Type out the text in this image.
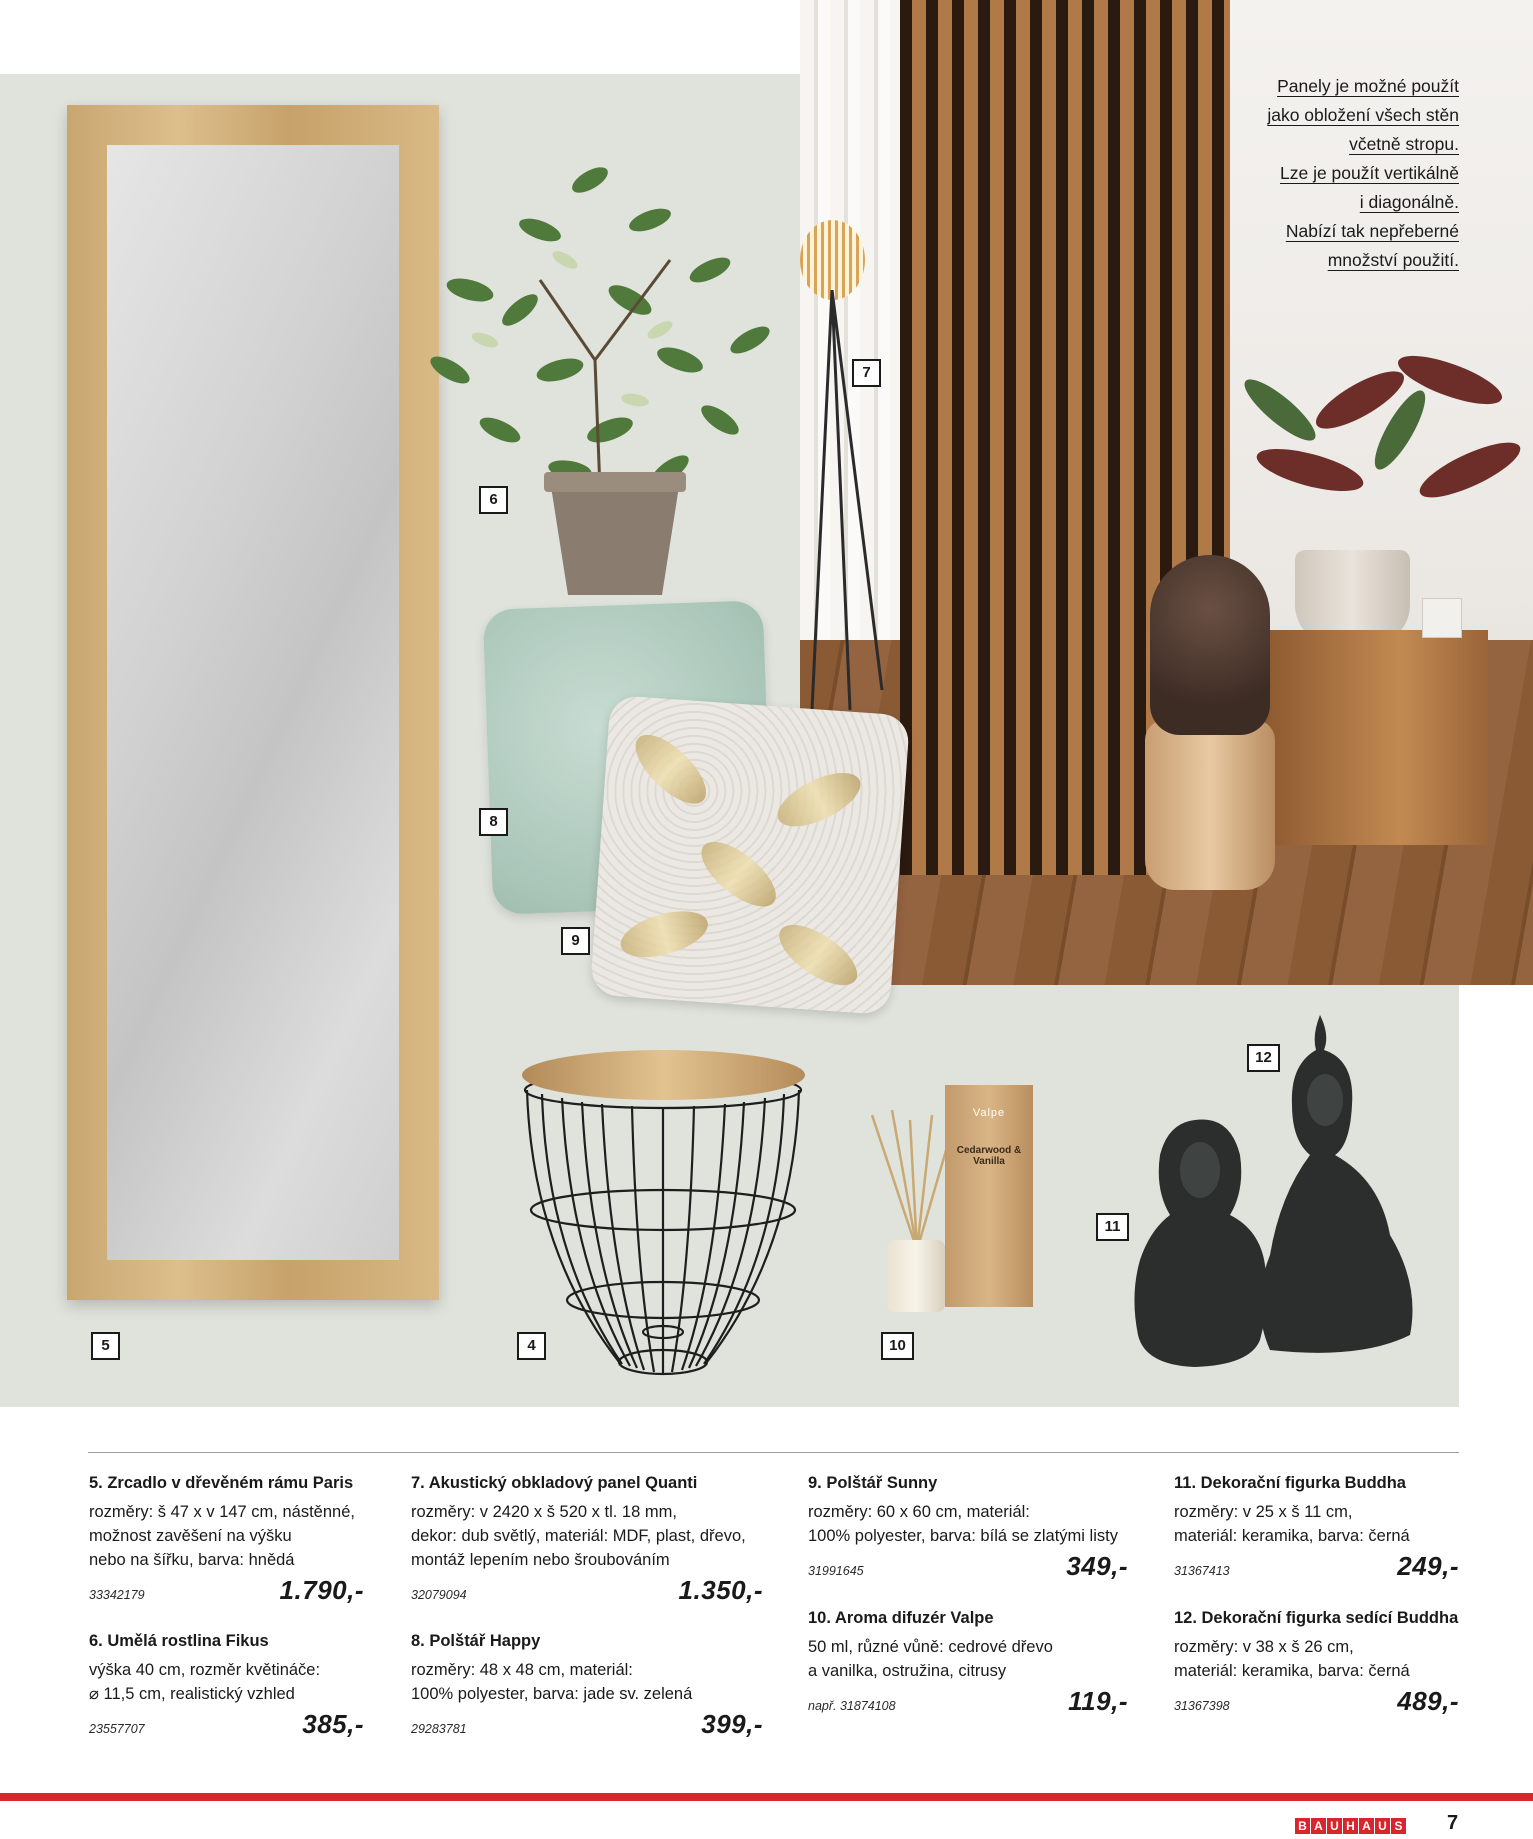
Panely je možné použít
jako obložení všech stěn
včetně stropu.
Lze je použít vertikálně
i diagonálně.
Nabízí tak nepřeberné
množství použití.
Valpe
Cedarwood & Vanilla
5
6
7
8
9
4	10
11
12
5. Zrcadlo v dřevěném rámu Paris
rozměry: š 47 x v 147 cm, nástěnné,
možnost zavěšení na výšku
nebo na šířku, barva: hnědá
33342179	1.790,-
6. Umělá rostlina Fikus
výška 40 cm, rozměr květináče:
⌀ 11,5 cm, realistický vzhled
23557707	385,-
7. Akustický obkladový panel Quanti
rozměry: v 2420 x š 520 x tl. 18 mm,
dekor: dub světlý, materiál: MDF, plast, dřevo,
montáž lepením nebo šroubováním
32079094	1.350,-
8. Polštář Happy
rozměry: 48 x 48 cm, materiál:
100% polyester, barva: jade sv. zelená
29283781	399,-
9. Polštář Sunny
rozměry: 60 x 60 cm, materiál:
100% polyester, barva: bílá se zlatými listy
31991645	349,-
10. Aroma difuzér Valpe
50 ml, různé vůně: cedrové dřevo
a vanilka, ostružina, citrusy
např. 31874108	119,-
11. Dekorační figurka Buddha
rozměry: v 25 x š 11 cm,
materiál: keramika, barva: černá
31367413	249,-
12. Dekorační figurka sedící Buddha
rozměry: v 38 x š 26 cm,
materiál: keramika, barva: černá
31367398	489,-
B A U H A U S 7
